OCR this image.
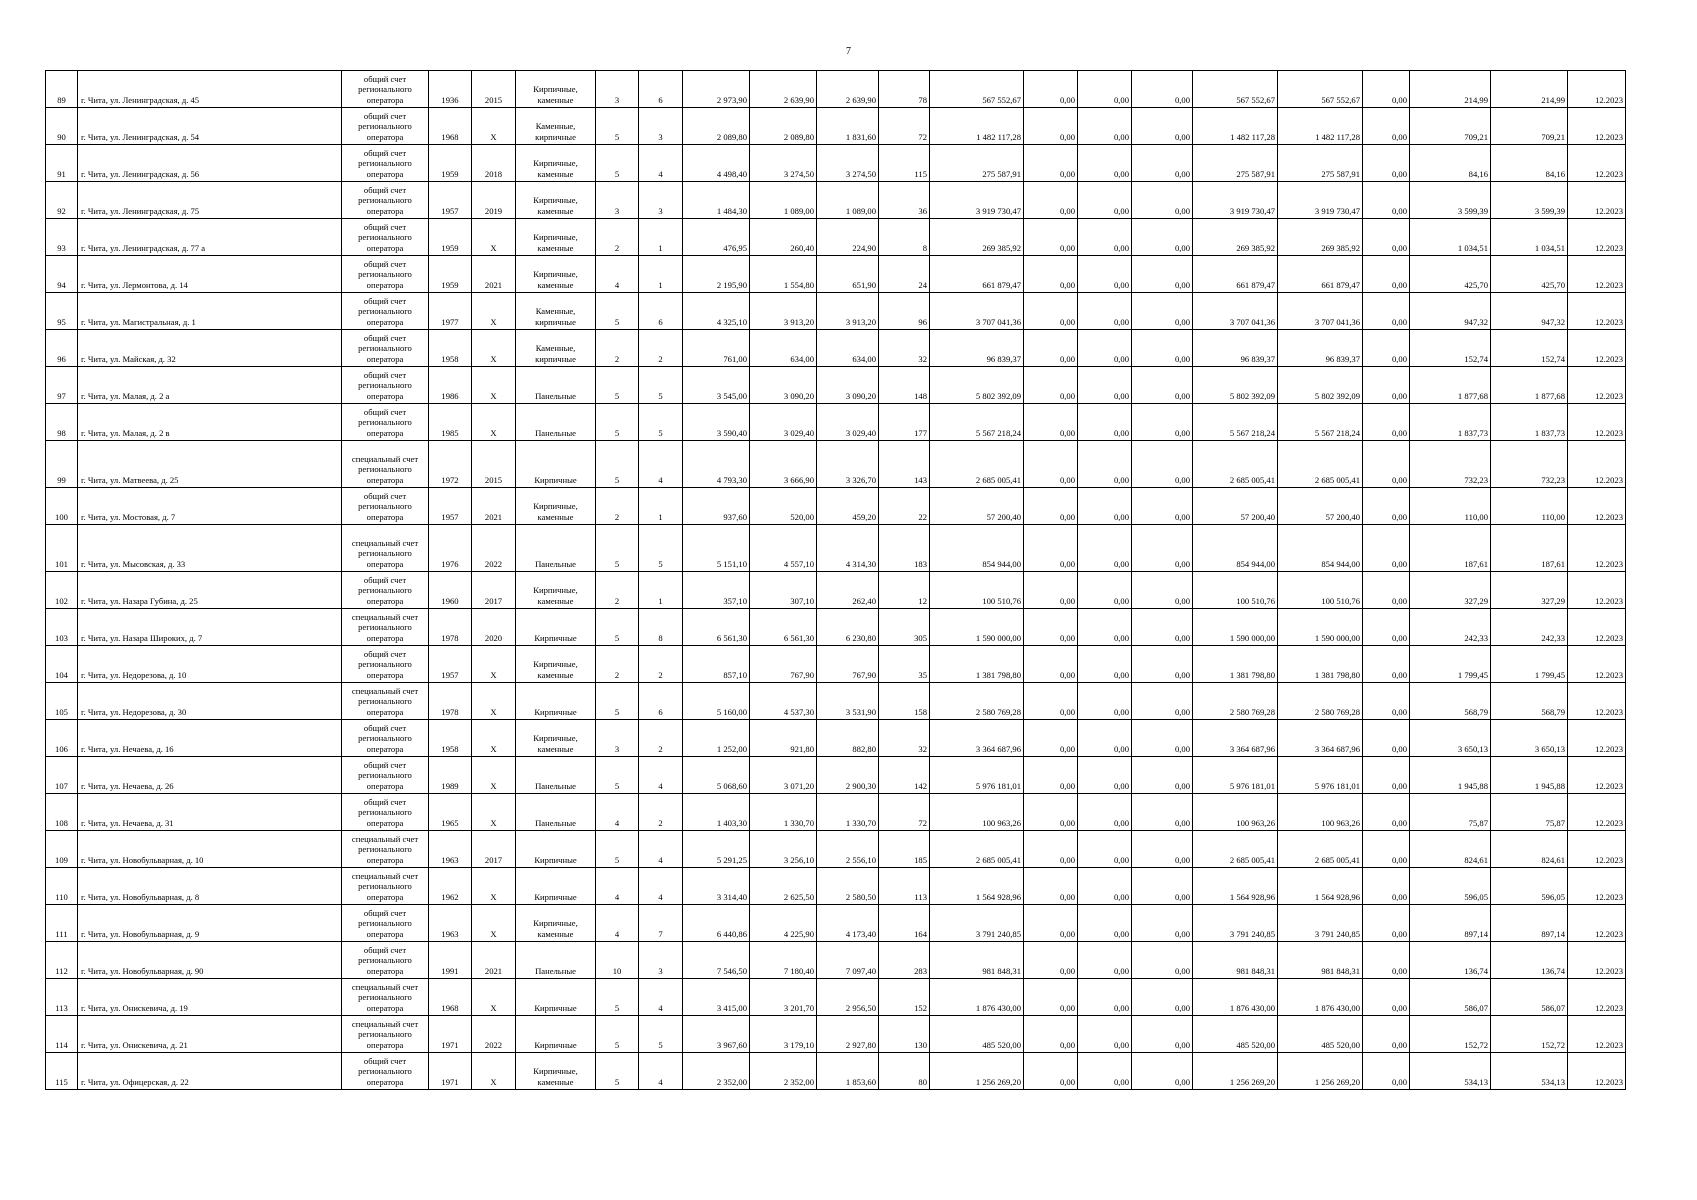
7
89	г. Чита, ул. Ленинградская, д. 45	общий счет регионального оператора	1936	2015	Кирпичные, каменные	3	6	2 973,90	2 639,90	2 639,90	78	567 552,67	0,00	0,00	0,00	567 552,67	567 552,67	0,00	214,99	214,99	12.2023
90	г. Чита, ул. Ленинградская, д. 54	общий счет регионального оператора	1968	X	Каменные, кирпичные	5	3	2 089,80	2 089,80	1 831,60	72	1 482 117,28	0,00	0,00	0,00	1 482 117,28	1 482 117,28	0,00	709,21	709,21	12.2023
91	г. Чита, ул. Ленинградская, д. 56	общий счет регионального оператора	1959	2018	Кирпичные, каменные	5	4	4 498,40	3 274,50	3 274,50	115	275 587,91	0,00	0,00	0,00	275 587,91	275 587,91	0,00	84,16	84,16	12.2023
92	г. Чита, ул. Ленинградская, д. 75	общий счет регионального оператора	1957	2019	Кирпичные, каменные	3	3	1 484,30	1 089,00	1 089,00	36	3 919 730,47	0,00	0,00	0,00	3 919 730,47	3 919 730,47	0,00	3 599,39	3 599,39	12.2023
93	г. Чита, ул. Ленинградская, д. 77 а	общий счет регионального оператора	1959	X	Кирпичные, каменные	2	1	476,95	260,40	224,90	8	269 385,92	0,00	0,00	0,00	269 385,92	269 385,92	0,00	1 034,51	1 034,51	12.2023
94	г. Чита, ул. Лермонтова, д. 14	общий счет регионального оператора	1959	2021	Кирпичные, каменные	4	1	2 195,90	1 554,80	651,90	24	661 879,47	0,00	0,00	0,00	661 879,47	661 879,47	0,00	425,70	425,70	12.2023
95	г. Чита, ул. Магистральная, д. 1	общий счет регионального оператора	1977	X	Каменные, кирпичные	5	6	4 325,10	3 913,20	3 913,20	96	3 707 041,36	0,00	0,00	0,00	3 707 041,36	3 707 041,36	0,00	947,32	947,32	12.2023
96	г. Чита, ул. Майская, д. 32	общий счет регионального оператора	1958	X	Каменные, кирпичные	2	2	761,00	634,00	634,00	32	96 839,37	0,00	0,00	0,00	96 839,37	96 839,37	0,00	152,74	152,74	12.2023
97	г. Чита, ул. Малая, д. 2 а	общий счет регионального оператора	1986	X	Панельные	5	5	3 545,00	3 090,20	3 090,20	148	5 802 392,09	0,00	0,00	0,00	5 802 392,09	5 802 392,09	0,00	1 877,68	1 877,68	12.2023
98	г. Чита, ул. Малая, д. 2 в	общий счет регионального оператора	1985	X	Панельные	5	5	3 590,40	3 029,40	3 029,40	177	5 567 218,24	0,00	0,00	0,00	5 567 218,24	5 567 218,24	0,00	1 837,73	1 837,73	12.2023
99	г. Чита, ул. Матвеева, д. 25	специальный счет регионального оператора	1972	2015	Кирпичные	5	4	4 793,30	3 666,90	3 326,70	143	2 685 005,41	0,00	0,00	0,00	2 685 005,41	2 685 005,41	0,00	732,23	732,23	12.2023
100	г. Чита, ул. Мостовая, д. 7	общий счет регионального оператора	1957	2021	Кирпичные, каменные	2	1	937,60	520,00	459,20	22	57 200,40	0,00	0,00	0,00	57 200,40	57 200,40	0,00	110,00	110,00	12.2023
101	г. Чита, ул. Мысовская, д. 33	специальный счет регионального оператора	1976	2022	Панельные	5	5	5 151,10	4 557,10	4 314,30	183	854 944,00	0,00	0,00	0,00	854 944,00	854 944,00	0,00	187,61	187,61	12.2023
102	г. Чита, ул. Назара Губина, д. 25	общий счет регионального оператора	1960	2017	Кирпичные, каменные	2	1	357,10	307,10	262,40	12	100 510,76	0,00	0,00	0,00	100 510,76	100 510,76	0,00	327,29	327,29	12.2023
103	г. Чита, ул. Назара Широких, д. 7	специальный счет регионального оператора	1978	2020	Кирпичные	5	8	6 561,30	6 561,30	6 230,80	305	1 590 000,00	0,00	0,00	0,00	1 590 000,00	1 590 000,00	0,00	242,33	242,33	12.2023
104	г. Чита, ул. Недорезова, д. 10	общий счет регионального оператора	1957	X	Кирпичные, каменные	2	2	857,10	767,90	767,90	35	1 381 798,80	0,00	0,00	0,00	1 381 798,80	1 381 798,80	0,00	1 799,45	1 799,45	12.2023
105	г. Чита, ул. Недорезова, д. 30	специальный счет регионального оператора	1978	X	Кирпичные	5	6	5 160,00	4 537,30	3 531,90	158	2 580 769,28	0,00	0,00	0,00	2 580 769,28	2 580 769,28	0,00	568,79	568,79	12.2023
106	г. Чита, ул. Нечаева, д. 16	общий счет регионального оператора	1958	X	Кирпичные, каменные	3	2	1 252,00	921,80	882,80	32	3 364 687,96	0,00	0,00	0,00	3 364 687,96	3 364 687,96	0,00	3 650,13	3 650,13	12.2023
107	г. Чита, ул. Нечаева, д. 26	общий счет регионального оператора	1989	X	Панельные	5	4	5 068,60	3 071,20	2 900,30	142	5 976 181,01	0,00	0,00	0,00	5 976 181,01	5 976 181,01	0,00	1 945,88	1 945,88	12.2023
108	г. Чита, ул. Нечаева, д. 31	общий счет регионального оператора	1965	X	Панельные	4	2	1 403,30	1 330,70	1 330,70	72	100 963,26	0,00	0,00	0,00	100 963,26	100 963,26	0,00	75,87	75,87	12.2023
109	г. Чита, ул. Новобульварная, д. 10	специальный счет регионального оператора	1963	2017	Кирпичные	5	4	5 291,25	3 256,10	2 556,10	185	2 685 005,41	0,00	0,00	0,00	2 685 005,41	2 685 005,41	0,00	824,61	824,61	12.2023
110	г. Чита, ул. Новобульварная, д. 8	специальный счет регионального оператора	1962	X	Кирпичные	4	4	3 314,40	2 625,50	2 580,50	113	1 564 928,96	0,00	0,00	0,00	1 564 928,96	1 564 928,96	0,00	596,05	596,05	12.2023
111	г. Чита, ул. Новобульварная, д. 9	общий счет регионального оператора	1963	X	Кирпичные, каменные	4	7	6 440,86	4 225,90	4 173,40	164	3 791 240,85	0,00	0,00	0,00	3 791 240,85	3 791 240,85	0,00	897,14	897,14	12.2023
112	г. Чита, ул. Новобульварная, д. 90	общий счет регионального оператора	1991	2021	Панельные	10	3	7 546,50	7 180,40	7 097,40	283	981 848,31	0,00	0,00	0,00	981 848,31	981 848,31	0,00	136,74	136,74	12.2023
113	г. Чита, ул. Онискевича, д. 19	специальный счет регионального оператора	1968	X	Кирпичные	5	4	3 415,00	3 201,70	2 956,50	152	1 876 430,00	0,00	0,00	0,00	1 876 430,00	1 876 430,00	0,00	586,07	586,07	12.2023
114	г. Чита, ул. Онискевича, д. 21	специальный счет регионального оператора	1971	2022	Кирпичные	5	5	3 967,60	3 179,10	2 927,80	130	485 520,00	0,00	0,00	0,00	485 520,00	485 520,00	0,00	152,72	152,72	12.2023
115	г. Чита, ул. Офицерская, д. 22	общий счет регионального оператора	1971	X	Кирпичные, каменные	5	4	2 352,00	2 352,00	1 853,60	80	1 256 269,20	0,00	0,00	0,00	1 256 269,20	1 256 269,20	0,00	534,13	534,13	12.2023
